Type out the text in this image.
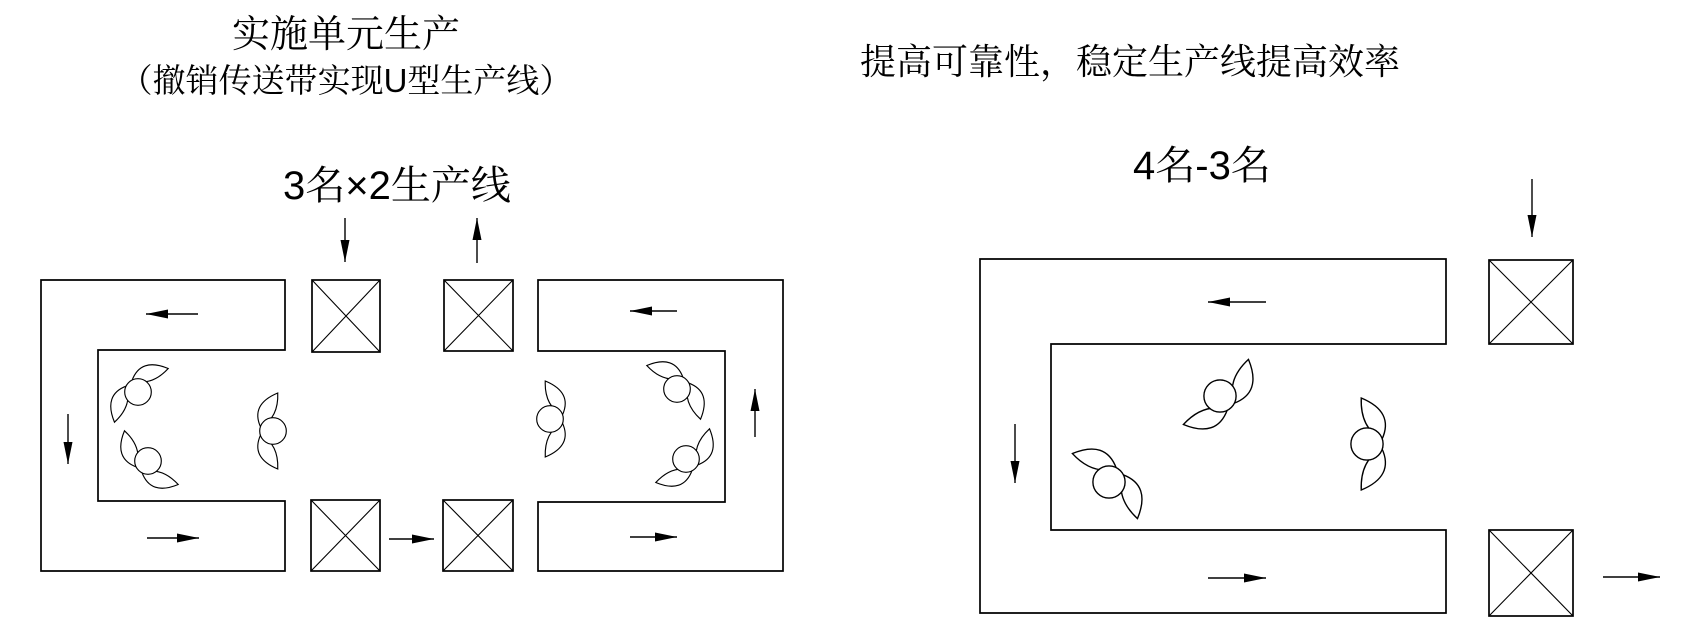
实施单元生产
（撤销传送带实现U型生产线）
3名×2生产线
提高可靠性，稳定生产线提高效率
4名-3名
